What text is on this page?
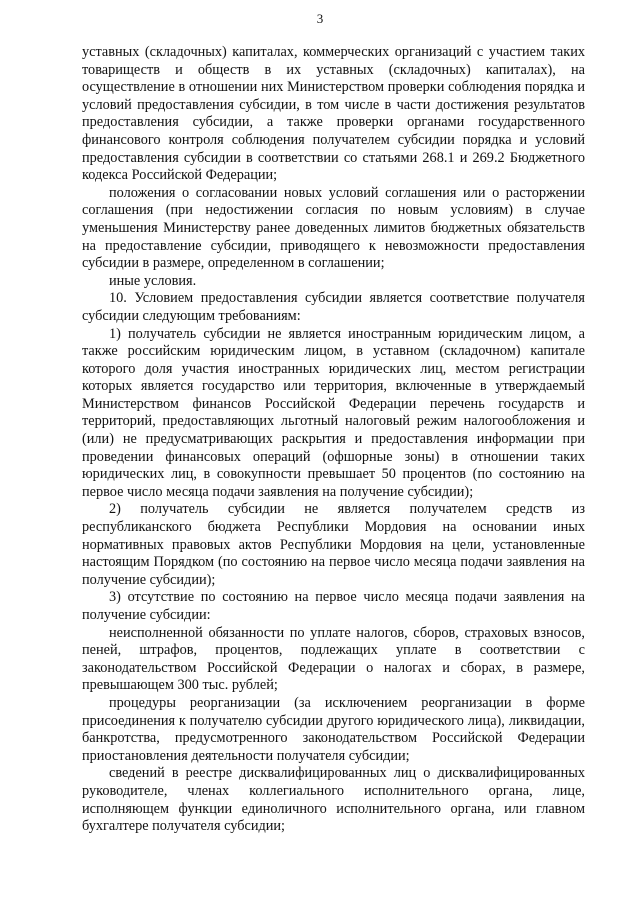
3

уставных (складочных) капиталах, коммерческих организаций с участием таких товариществ и обществ в их уставных (складочных) капиталах), на осуществление в отношении них Министерством проверки соблюдения порядка и условий предоставления субсидии, в том числе в части достижения результатов предоставления субсидии, а также проверки органами государственного финансового контроля соблюдения получателем субсидии порядка и условий предоставления субсидии в соответствии со статьями 268.1 и 269.2 Бюджетного кодекса Российской Федерации;

положения о согласовании новых условий соглашения или о расторжении соглашения (при недостижении согласия по новым условиям) в случае уменьшения Министерству ранее доведенных лимитов бюджетных обязательств на предоставление субсидии, приводящего к невозможности предоставления субсидии в размере, определенном в соглашении;

иные условия.

10. Условием предоставления субсидии является соответствие получателя субсидии следующим требованиям:

1) получатель субсидии не является иностранным юридическим лицом, а также российским юридическим лицом, в уставном (складочном) капитале которого доля участия иностранных юридических лиц, местом регистрации которых является государство или территория, включенные в утверждаемый Министерством финансов Российской Федерации перечень государств и территорий, предоставляющих льготный налоговый режим налогообложения и (или) не предусматривающих раскрытия и предоставления информации при проведении финансовых операций (офшорные зоны) в отношении таких юридических лиц, в совокупности превышает 50 процентов (по состоянию на первое число месяца подачи заявления на получение субсидии);

2) получатель субсидии не является получателем средств из республиканского бюджета Республики Мордовия на основании иных нормативных правовых актов Республики Мордовия на цели, установленные настоящим Порядком (по состоянию на первое число месяца подачи заявления на получение субсидии);

3) отсутствие по состоянию на первое число месяца подачи заявления на получение субсидии:

неисполненной обязанности по уплате налогов, сборов, страховых взносов, пеней, штрафов, процентов, подлежащих уплате в соответствии с законодательством Российской Федерации о налогах и сборах, в размере, превышающем 300 тыс. рублей;

процедуры реорганизации (за исключением реорганизации в форме присоединения к получателю субсидии другого юридического лица), ликвидации, банкротства, предусмотренного законодательством Российской Федерации приостановления деятельности получателя субсидии;

сведений в реестре дисквалифицированных лиц о дисквалифицированных руководителе, членах коллегиального исполнительного органа, лице, исполняющем функции единоличного исполнительного органа, или главном бухгалтере получателя субсидии;
